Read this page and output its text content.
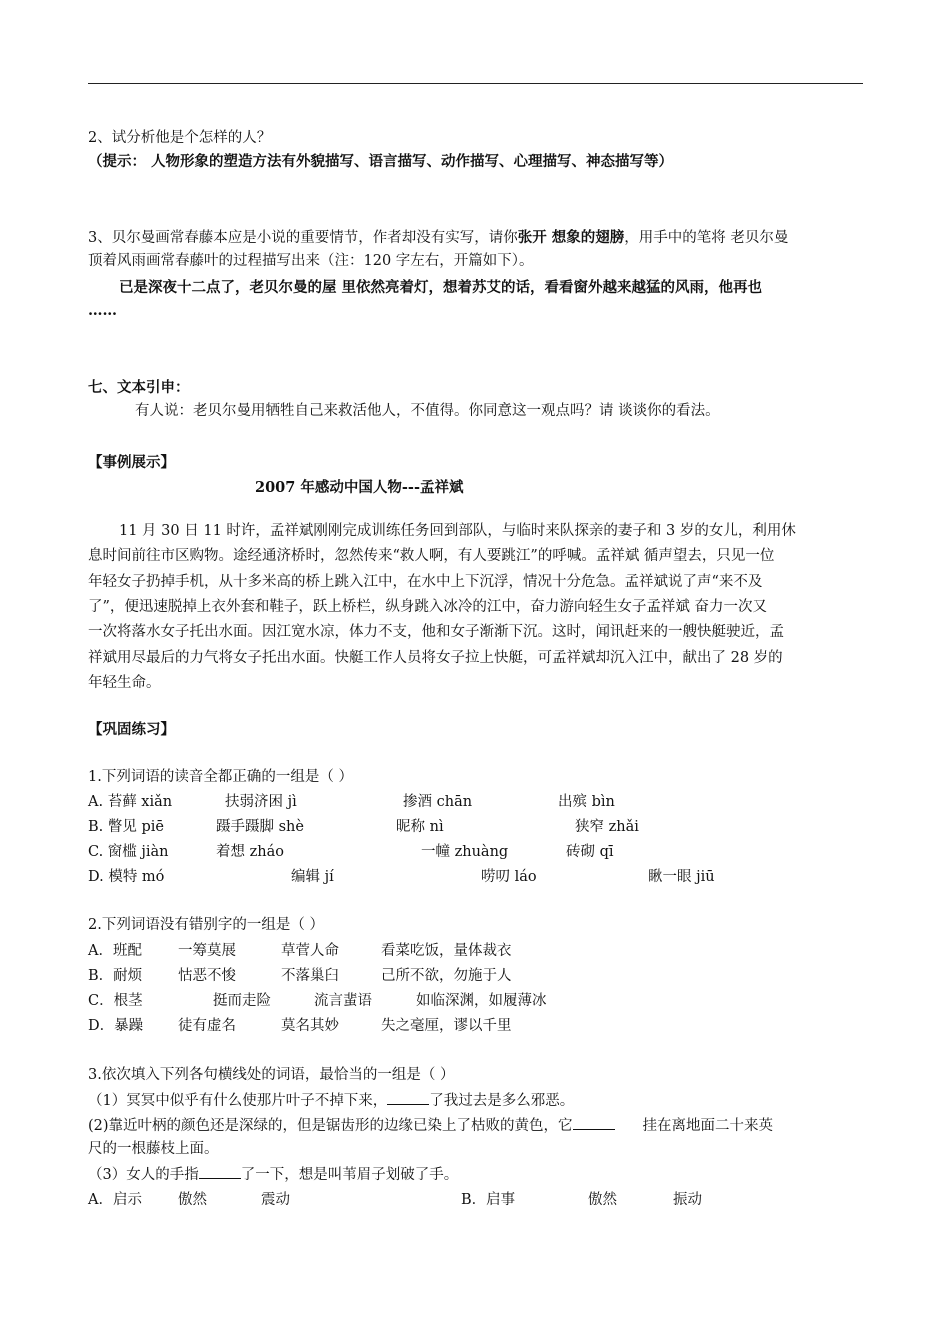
2、试分析他是个怎样的人？
（提示： 人物形象的塑造方法有外貌描写、语言描写、动作描写、心理描写、神态描写等）
3、贝尔曼画常春藤本应是小说的重要情节，作者却没有实写，请你张开 想象的翅膀，用手中的笔将 老贝尔曼
顶着风雨画常春藤叶的过程描写出来（注：120 字左右，开篇如下）。
已是深夜十二点了，老贝尔曼的屋 里依然亮着灯，想着苏艾的话，看看窗外越来越猛的风雨，他再也
……
七、文本引申：
有人说：老贝尔曼用牺牲自己来救活他人，不值得。你同意这一观点吗？请 谈谈你的看法。
【事例展示】
2007 年感动中国人物---孟祥斌
11 月 30 日 11 时许，孟祥斌刚刚完成训练任务回到部队，与临时来队探亲的妻子和 3 岁的女儿，利用休
息时间前往市区购物。途经通济桥时，忽然传来“救人啊，有人要跳江”的呼喊。孟祥斌 循声望去，只见一位
年轻女子扔掉手机，从十多米高的桥上跳入江中，在水中上下沉浮，情况十分危急。孟祥斌说了声“来不及
了”，便迅速脱掉上衣外套和鞋子，跃上桥栏，纵身跳入冰冷的江中，奋力游向轻生女子孟祥斌 奋力一次又
一次将落水女子托出水面。因江宽水凉，体力不支，他和女子渐渐下沉。这时，闻讯赶来的一艘快艇驶近，孟
祥斌用尽最后的力气将女子托出水面。快艇工作人员将女子拉上快艇，可孟祥斌却沉入江中，献出了 28 岁的
年轻生命。
【巩固练习】
1.下列词语的读音全都正确的一组是（ ）
A. 苔藓 xiǎn	扶弱济困 jì	掺酒 chān	出殡 bìn
B. 瞥见 piē	蹑手蹑脚 shè	昵称 nì	狭窄 zhǎi
C. 窗槛 jiàn	着想 zháo	一幢 zhuàng	砖砌 qī
D. 模特 mó	编辑 jí	唠叨 láo	瞅一眼 jiū
2.下列词语没有错别字的一组是（ ）
A．班配 一筹莫展	草菅人命	看菜吃饭，量体裁衣
B．耐烦 怙恶不悛	不落巢臼	己所不欲，勿施于人
C．根茎	挺而走险	流言蜚语	如临深渊，如履薄冰
D．暴躁 徒有虚名	莫名其妙	失之毫厘，谬以千里
3.依次填入下列各句横线处的词语，最恰当的一组是（ ）
（1）冥冥中似乎有什么使那片叶子不掉下来，	了我过去是多么邪恶。
(2)靠近叶柄的颜色还是深绿的，但是锯齿形的边缘已染上了枯败的黄色，它	挂在离地面二十来英
尺的一根藤枝上面。
（3）女人的手指	了一下，想是叫苇眉子划破了手。
A．启示 傲然	震动	B．启事	傲然	振动
